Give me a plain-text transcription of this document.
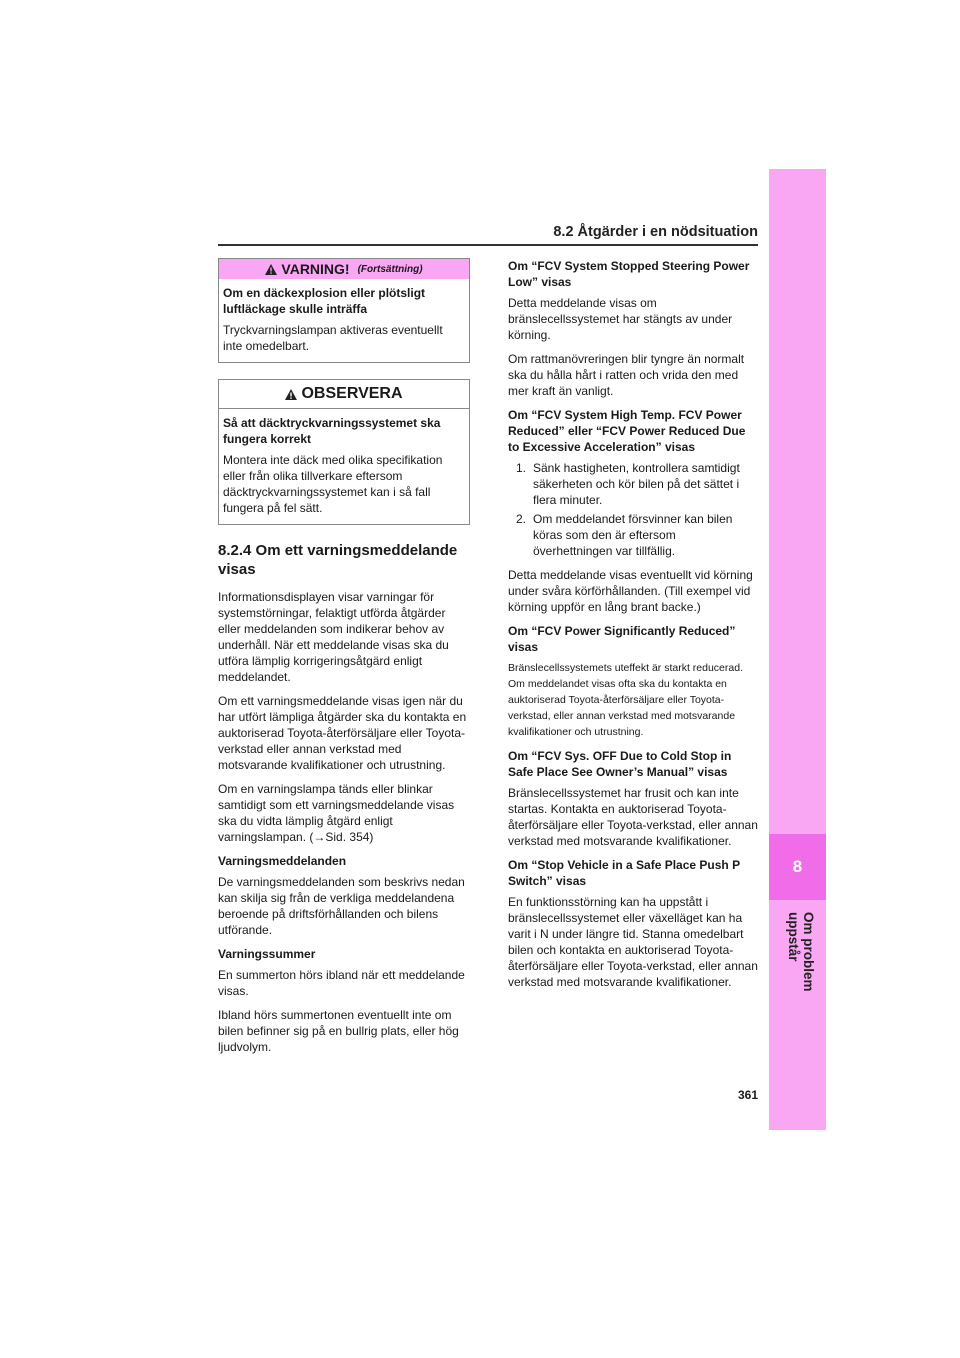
8.2 Åtgärder i en nödsituation
8
Om problem uppstår
VARNING! (Fortsättning)

Om en däckexplosion eller plötsligt luftläckage skulle inträffa

Tryckvarningslampan aktiveras eventuellt inte omedelbart.

OBSERVERA

Så att däcktryckvarningssystemet ska fungera korrekt

Montera inte däck med olika specifikation eller från olika tillverkare eftersom däcktryckvarningssystemet kan i så fall fungera på fel sätt.

8.2.4 Om ett varningsmeddelande visas

Informationsdisplayen visar varningar för systemstörningar, felaktigt utförda åtgärder eller meddelanden som indikerar behov av underhåll. När ett meddelande visas ska du utföra lämplig korrigeringsåtgärd enligt meddelandet.

Om ett varningsmeddelande visas igen när du har utfört lämpliga åtgärder ska du kontakta en auktoriserad Toyota-återförsäljare eller Toyota-verkstad eller annan verkstad med motsvarande kvalifikationer och utrustning.

Om en varningslampa tänds eller blinkar samtidigt som ett varningsmeddelande visas ska du vidta lämplig åtgärd enligt varningslampan. (→Sid. 354)

Varningsmeddelanden

De varningsmeddelanden som beskrivs nedan kan skilja sig från de verkliga meddelandena beroende på driftsförhållanden och bilens utförande.

Varningssummer

En summerton hörs ibland när ett meddelande visas.

Ibland hörs summertonen eventuellt inte om bilen befinner sig på en bullrig plats, eller hög ljudvolym.

Om “FCV System Stopped Steering Power Low” visas

Detta meddelande visas om bränslecellssystemet har stängts av under körning.

Om rattmanövreringen blir tyngre än normalt ska du hålla hårt i ratten och vrida den med mer kraft än vanligt.

Om “FCV System High Temp. FCV Power Reduced” eller “FCV Power Reduced Due to Excessive Acceleration” visas

1. Sänk hastigheten, kontrollera samtidigt säkerheten och kör bilen på det sättet i flera minuter.
2. Om meddelandet försvinner kan bilen köras som den är eftersom överhettningen var tillfällig.

Detta meddelande visas eventuellt vid körning under svåra körförhållanden. (Till exempel vid körning uppför en lång brant backe.)

Om “FCV Power Significantly Reduced” visas

Bränslecellssystemets uteffekt är starkt reducerad. Om meddelandet visas ofta ska du kontakta en auktoriserad Toyota-återförsäljare eller Toyota-verkstad, eller annan verkstad med motsvarande kvalifikationer och utrustning.

Om “FCV Sys. OFF Due to Cold Stop in Safe Place See Owner’s Manual” visas

Bränslecellssystemet har frusit och kan inte startas. Kontakta en auktoriserad Toyota-återförsäljare eller Toyota-verkstad, eller annan verkstad med motsvarande kvalifikationer.

Om “Stop Vehicle in a Safe Place Push P Switch” visas

En funktionsstörning kan ha uppstått i bränslecellssystemet eller växelläget kan ha varit i N under längre tid. Stanna omedelbart bilen och kontakta en auktoriserad Toyota-återförsäljare eller Toyota-verkstad, eller annan verkstad med motsvarande kvalifikationer.

361
